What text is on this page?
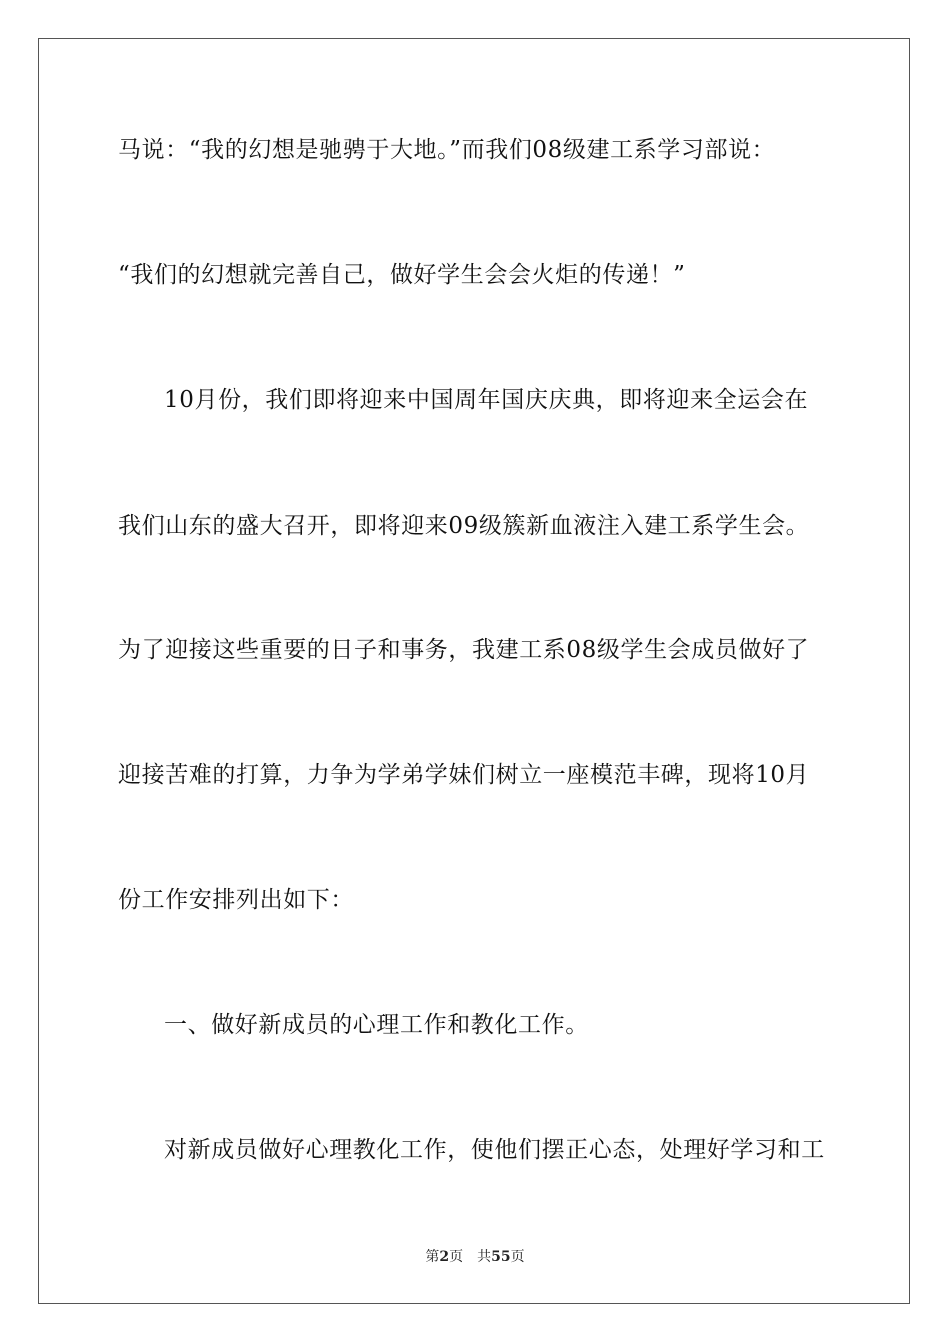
马说：“我的幻想是驰骋于大地。”而我们08级建工系学习部说：
“我们的幻想就完善自己，做好学生会会火炬的传递！”
10月份，我们即将迎来中国周年国庆庆典，即将迎来全运会在
我们山东的盛大召开，即将迎来09级簇新血液注入建工系学生会。
为了迎接这些重要的日子和事务，我建工系08级学生会成员做好了
迎接苦难的打算，力争为学弟学妹们树立一座模范丰碑，现将10月
份工作安排列出如下：
一、做好新成员的心理工作和教化工作。
对新成员做好心理教化工作，使他们摆正心态，处理好学习和工
第2页 共55页
